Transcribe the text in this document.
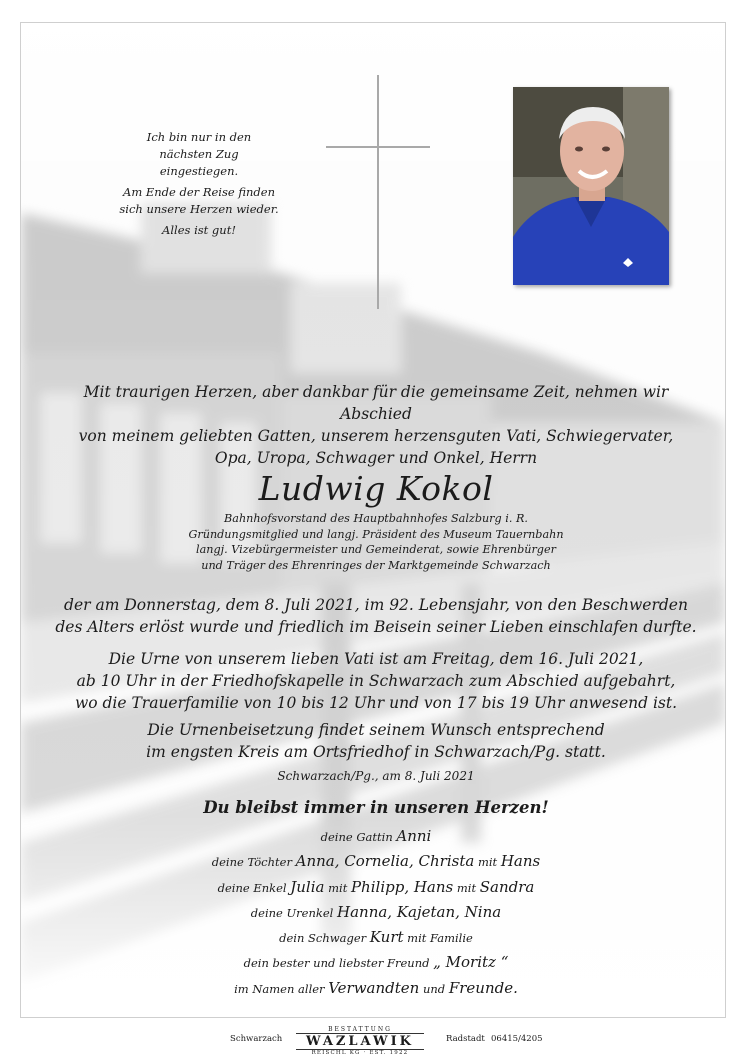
Ich bin nur in den
nächsten Zug eingestiegen.
Am Ende der Reise finden
sich unsere Herzen wieder.
Alles ist gut!
Mit traurigen Herzen, aber dankbar für die gemeinsame Zeit, nehmen wir Abschied
von meinem geliebten Gatten, unserem herzensguten Vati, Schwiegervater,
Opa, Uropa, Schwager und Onkel, Herrn
Ludwig Kokol
Bahnhofsvorstand des Hauptbahnhofes Salzburg i. R.
Gründungsmitglied und langj. Präsident des Museum Tauernbahn
langj. Vizebürgermeister und Gemeinderat, sowie Ehrenbürger
und Träger des Ehrenringes der Marktgemeinde Schwarzach
der am Donnerstag, dem 8. Juli 2021, im 92. Lebensjahr, von den Beschwerden
des Alters erlöst wurde und friedlich im Beisein seiner Lieben einschlafen durfte.
Die Urne von unserem lieben Vati ist am Freitag, dem 16. Juli 2021,
ab 10 Uhr in der Friedhofskapelle in Schwarzach zum Abschied aufgebahrt,
wo die Trauerfamilie von 10 bis 12 Uhr und von 17 bis 19 Uhr anwesend ist.
Die Urnenbeisetzung findet seinem Wunsch entsprechend
im engsten Kreis am Ortsfriedhof in Schwarzach/Pg. statt.
Schwarzach/Pg., am 8. Juli 2021
Du bleibst immer in unseren Herzen!
deine Gattin Anni
deine Töchter Anna, Cornelia, Christa mit Hans
deine Enkel Julia mit Philipp, Hans mit Sandra
deine Urenkel Hanna, Kajetan, Nina
dein Schwager Kurt mit Familie
dein bester und liebster Freund „ Moritz “
im Namen aller Verwandten und Freunde.
Schwarzach
BESTATTUNG
WAZLAWIK
REISCHL KG · EST. 1922
Radstadt 06415/4205
